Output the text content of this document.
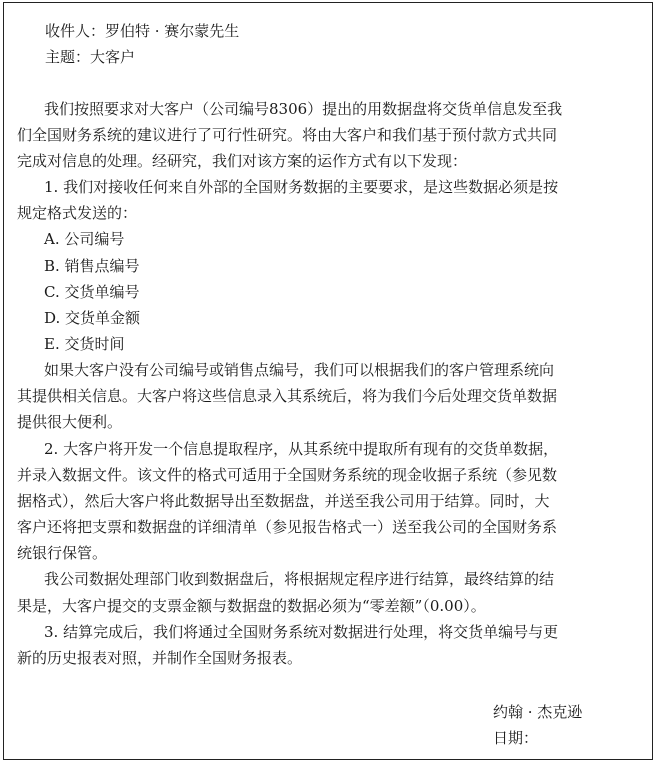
收件人：罗伯特 · 赛尔蒙先生
主题：大客户
我们按照要求对大客户（公司编号8306）提出的用数据盘将交货单信息发至我
们全国财务系统的建议进行了可行性研究。将由大客户和我们基于预付款方式共同
完成对信息的处理。经研究，我们对该方案的运作方式有以下发现：
1. 我们对接收任何来自外部的全国财务数据的主要要求，是这些数据必须是按
规定格式发送的：
A. 公司编号
B. 销售点编号
C. 交货单编号
D. 交货单金额
E. 交货时间
如果大客户没有公司编号或销售点编号，我们可以根据我们的客户管理系统向
其提供相关信息。大客户将这些信息录入其系统后，将为我们今后处理交货单数据
提供很大便利。
2. 大客户将开发一个信息提取程序，从其系统中提取所有现有的交货单数据，
并录入数据文件。该文件的格式可适用于全国财务系统的现金收据子系统（参见数
据格式），然后大客户将此数据导出至数据盘，并送至我公司用于结算。同时，大
客户还将把支票和数据盘的详细清单（参见报告格式一）送至我公司的全国财务系
统银行保管。
我公司数据处理部门收到数据盘后，将根据规定程序进行结算，最终结算的结
果是，大客户提交的支票金额与数据盘的数据必须为“零差额”（0.00）。
3. 结算完成后，我们将通过全国财务系统对数据进行处理，将交货单编号与更
新的历史报表对照，并制作全国财务报表。
约翰 · 杰克逊
日期：
